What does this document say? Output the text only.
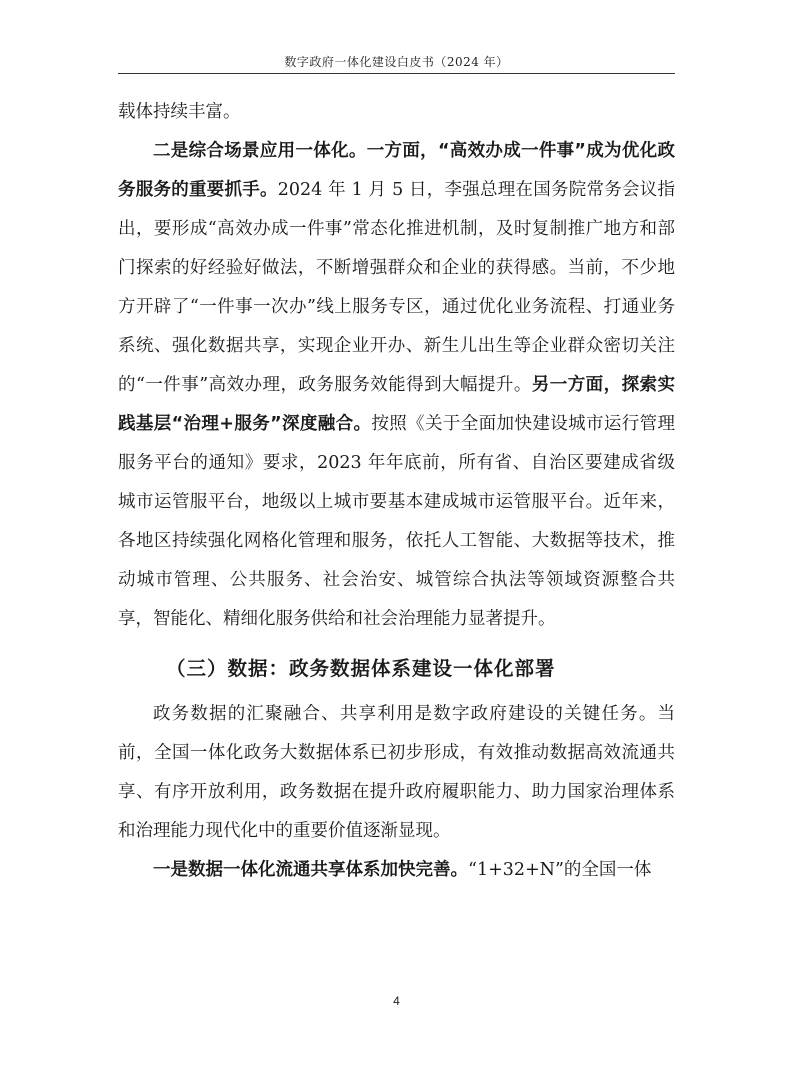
数字政府一体化建设白皮书（2024 年）

载体持续丰富。

二是综合场景应用一体化。一方面，“高效办成一件事”成为优化政务服务的重要抓手。2024 年 1 月 5 日，李强总理在国务院常务会议指出，要形成“高效办成一件事”常态化推进机制，及时复制推广地方和部门探索的好经验好做法，不断增强群众和企业的获得感。当前，不少地方开辟了“一件事一次办”线上服务专区，通过优化业务流程、打通业务系统、强化数据共享，实现企业开办、新生儿出生等企业群众密切关注的“一件事”高效办理，政务服务效能得到大幅提升。另一方面，探索实践基层“治理+服务”深度融合。按照《关于全面加快建设城市运行管理服务平台的通知》要求，2023 年年底前，所有省、自治区要建成省级城市运管服平台，地级以上城市要基本建成城市运管服平台。近年来，各地区持续强化网格化管理和服务，依托人工智能、大数据等技术，推动城市管理、公共服务、社会治安、城管综合执法等领域资源整合共享，智能化、精细化服务供给和社会治理能力显著提升。

（三）数据：政务数据体系建设一体化部署

政务数据的汇聚融合、共享利用是数字政府建设的关键任务。当前，全国一体化政务大数据体系已初步形成，有效推动数据高效流通共享、有序开放利用，政务数据在提升政府履职能力、助力国家治理体系和治理能力现代化中的重要价值逐渐显现。

一是数据一体化流通共享体系加快完善。“1+32+N”的全国一体

4
